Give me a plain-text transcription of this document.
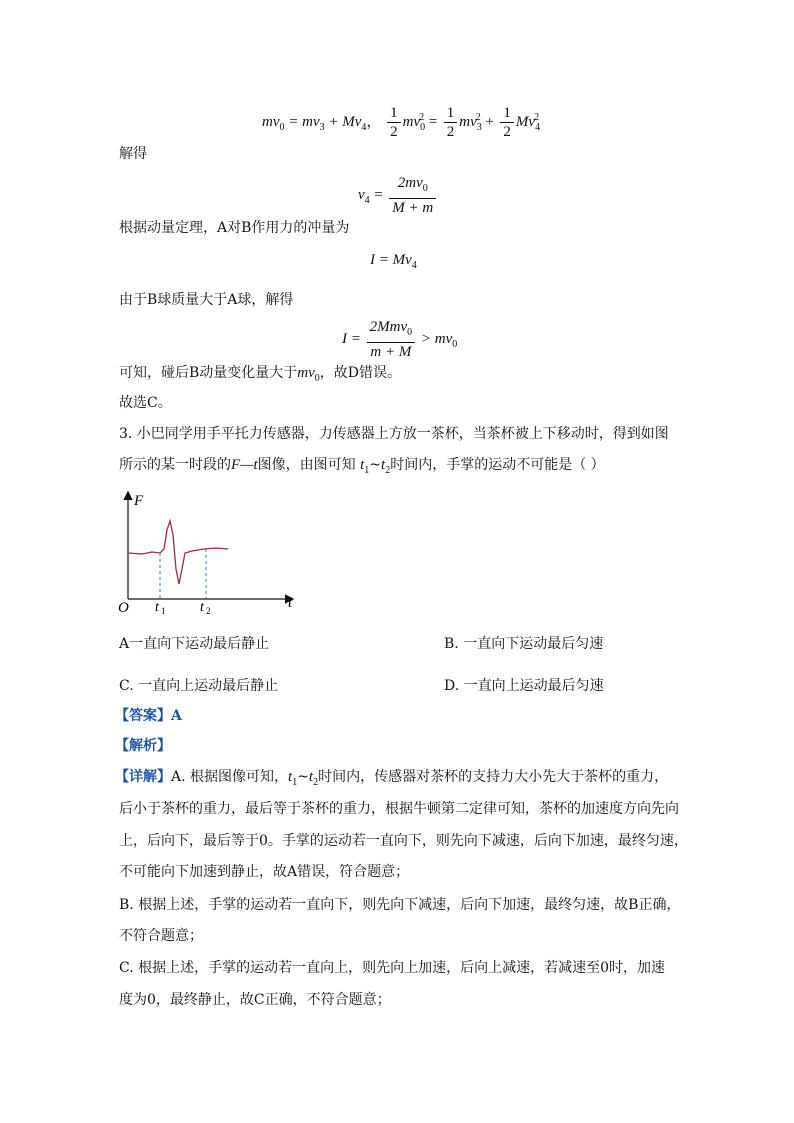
$mv_0 = mv_3 + Mv_4$， $\frac{1}{2} mv_0^2 = \frac{1}{2} mv_3^2 + \frac{1}{2} Mv_4^2$
解得
$v_4 = \frac{2mv_0}{M + m}$
根据动量定理，A对B作用力的冲量为
$I = Mv_4$
由于B球质量大于A球，解得
$I = \frac{2Mmv_0}{m + M} > mv_0$
可知，碰后B动量变化量大于$mv_0$，故D错误。
故选C。
3. 小巴同学用手平托力传感器，力传感器上方放一茶杯，当茶杯被上下移动时，得到如图
所示的某一时段的F—t图像，由图可知 $t_1\sim t_2$时间内，手掌的运动不可能是（ ）
F
t
O t 1 t 2
A一直向下运动最后静止	B. 一直向下运动最后匀速
C. 一直向上运动最后静止	D. 一直向上运动最后匀速
【答案】A
【解析】
【详解】A. 根据图像可知，$t_1\sim t_2$时间内，传感器对茶杯的支持力大小先大于茶杯的重力，
后小于茶杯的重力，最后等于茶杯的重力，根据牛顿第二定律可知，茶杯的加速度方向先向
上，后向下，最后等于0。手掌的运动若一直向下，则先向下减速，后向下加速，最终匀速，
不可能向下加速到静止，故A错误，符合题意；
B. 根据上述，手掌的运动若一直向下，则先向下减速，后向下加速，最终匀速，故B正确，
不符合题意；
C. 根据上述，手掌的运动若一直向上，则先向上加速，后向上减速，若减速至0时，加速
度为0，最终静止，故C正确，不符合题意；
